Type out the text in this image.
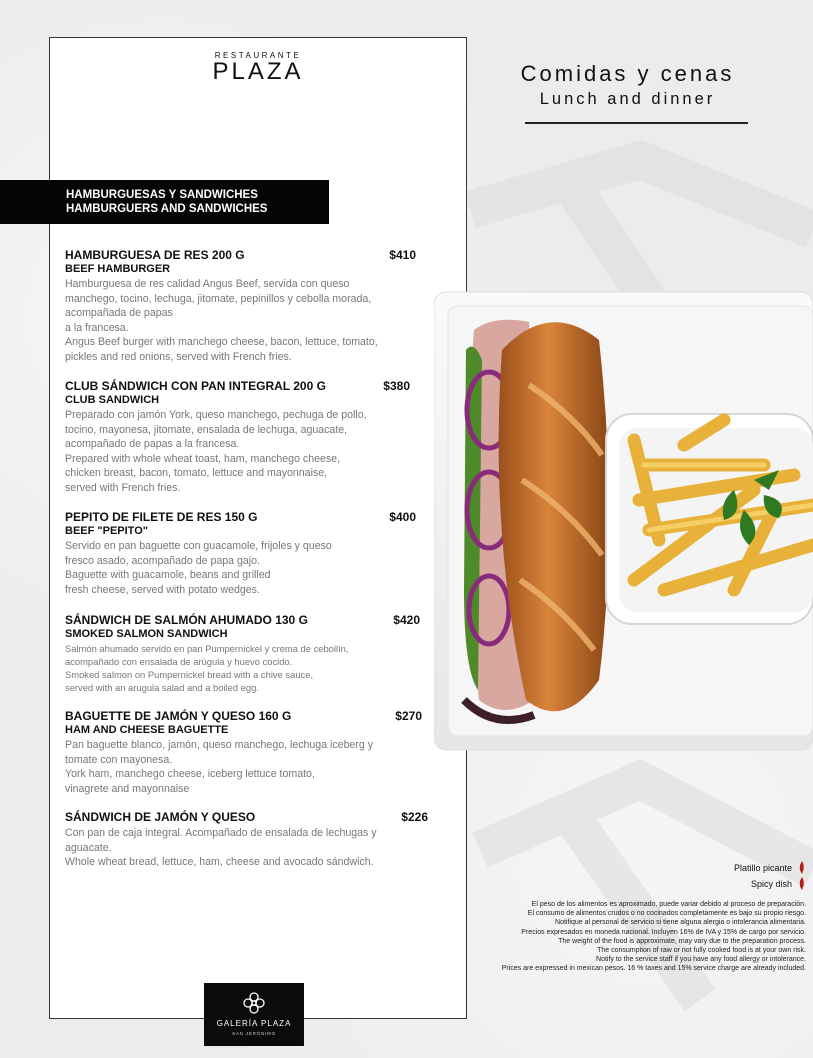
RESTAURANTE
PLAZA
HAMBURGUESAS Y SANDWICHES
HAMBURGUERS AND SANDWICHES
HAMBURGUESA DE RES 200 G	$410
BEEF HAMBURGER
Hamburguesa de res calidad Angus Beef, servida con queso
manchego, tocino, lechuga, jitomate, pepinillos y cebolla morada,
acompañada de papas
a la francesa.
Angus Beef burger with manchego cheese, bacon, lettuce, tomato,
pickles and red onions, served with French fries.
CLUB SÁNDWICH CON PAN INTEGRAL 200 G	$380
CLUB SANDWICH
Preparado con jamón York, queso manchego, pechuga de pollo,
tocino, mayonesa, jitomate, ensalada de lechuga, aguacate,
acompañado de papas a la francesa.
Prepared with whole wheat toast, ham, manchego cheese,
chicken breast, bacon, tomato, lettuce and mayonnaise,
served with French fries.
PEPITO DE FILETE DE RES 150 G	$400
BEEF "PEPITO"
Servido en pan baguette con guacamole, frijoles y queso
fresco asado, acompañado de papa gajo.
Baguette with guacamole, beans and grilled
fresh cheese, served with potato wedges.
SÁNDWICH DE SALMÓN AHUMADO 130 G	$420
SMOKED SALMON SANDWICH
Salmón ahumado servido en pan Pumpernickel y crema de cebollín,
acompañado con ensalada de arúgula y huevo cocido.
Smoked salmon on Pumpernickel bread with a chive sauce,
served with an arugula salad and a boiled egg.
BAGUETTE DE JAMÓN Y QUESO 160 G	$270
HAM AND CHEESE BAGUETTE
Pan baguette blanco, jamón, queso manchego, lechuga iceberg y
tomate con mayonesa.
York ham, manchego cheese, iceberg lettuce tomato,
vinagrete and mayonnaise
SÁNDWICH DE JAMÓN Y QUESO	$226
Con pan de caja integral. Acompañado de ensalada de lechugas y
aguacate.
Whole wheat bread, lettuce, ham, cheese and avocado sándwich.
GALERÍA PLAZA
SAN JERÓNIMO
Comidas y cenas
Lunch and dinner
Platillo picante
Spicy dish
El peso de los alimentos es aproximado, puede variar debido al proceso de preparación.
El consumo de alimentos crudos o no cocinados completamente es bajo su propio riesgo.
Notifique al personal de servicio si tiene alguna alergia o intolerancia alimentaria.
Precios expresados en moneda nacional. Incluyen 16% de IVA y 15% de cargo por servicio.
The weight of the food is approximate, may vary due to the preparation process.
The consumption of raw or not fully cooked food is at your own risk.
Notify to the service staff if you have any food allergy or intolerance.
Prices are expressed in mexican pesos. 16 % taxes and 15% service charge are already included.
